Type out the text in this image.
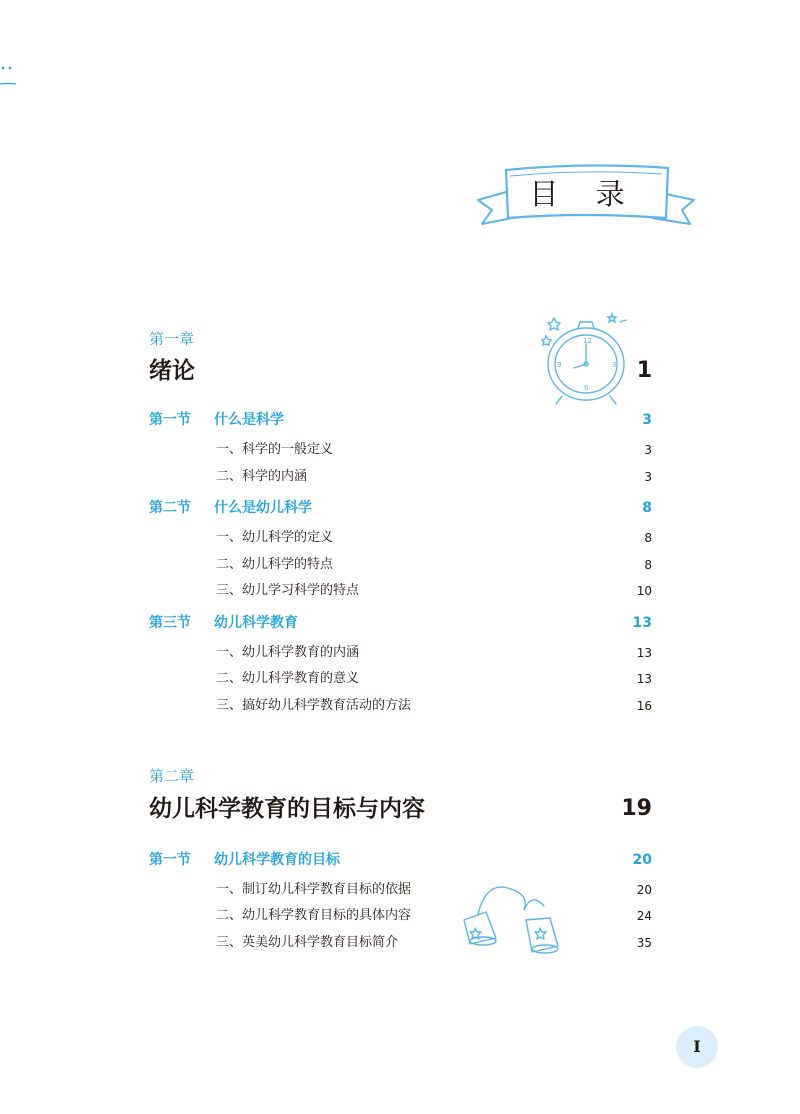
目 录
12
3
6
9
第一章
绪论	1
第一节 什么是科学	3
一、科学的一般定义	3
二、科学的内涵	3
第二节 什么是幼儿科学	8
一、幼儿科学的定义	8
二、幼儿科学的特点	8
三、幼儿学习科学的特点	10
第三节 幼儿科学教育	13
一、幼儿科学教育的内涵	13
二、幼儿科学教育的意义	13
三、搞好幼儿科学教育活动的方法	16
第二章
幼儿科学教育的目标与内容	19
第一节 幼儿科学教育的目标	20
一、制订幼儿科学教育目标的依据	20
二、幼儿科学教育目标的具体内容	24
三、英美幼儿科学教育目标简介	35
I
